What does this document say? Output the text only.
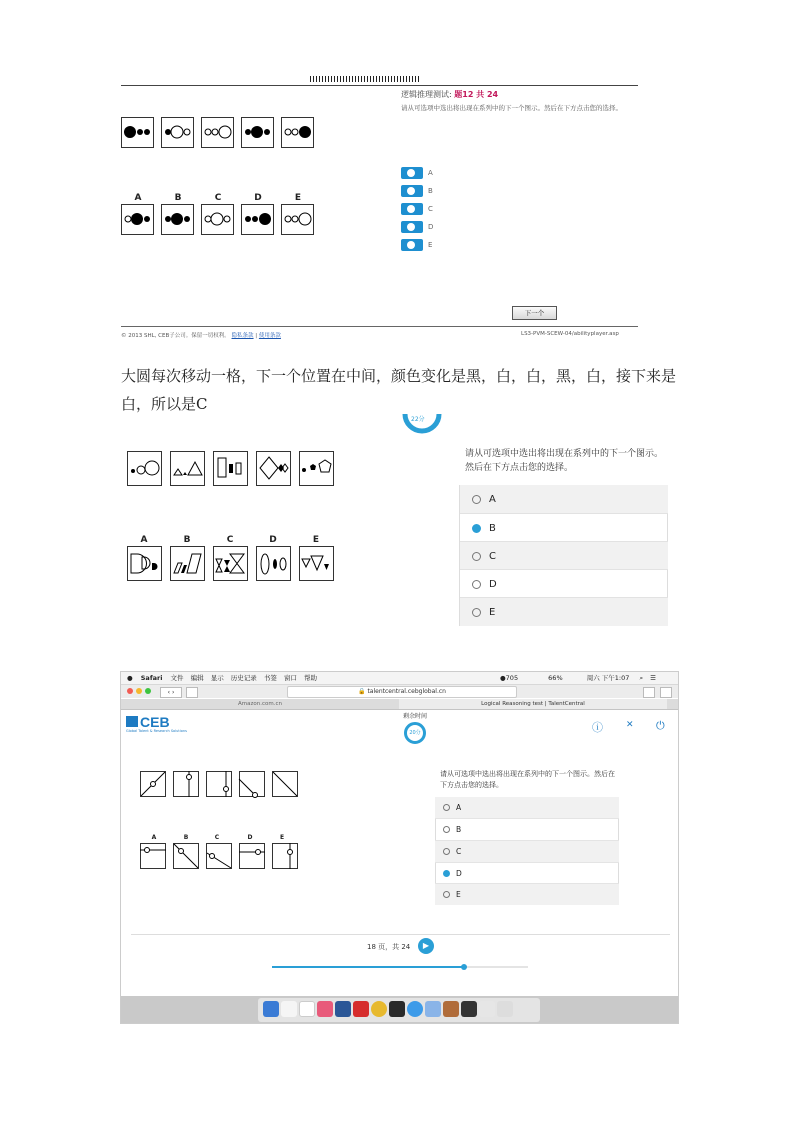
逻辑推理测试: 题12 共 24
请从可选项中选出将出现在系列中的下一个图示。然后在下方点击您的选择。
A	B	C	D	E
A
B
C
D
E
下一个
© 2013 SHL, CEB子公司。保留一切权利。 隐私条款 | 使用条款	LS3-PVM-SCEW-04/abilityplayer.asp
大圆每次移动一格，下一个位置在中间，颜色变化是黑，白，白，黑，白，接下来是白，所以是C
22分
A	B	C	D	E
请从可选项中选出将出现在系列中的下一个图示。然后在下方点击您的选择。
A
B
C
D
E
● Safari 文件 编辑 显示 历史记录 书签 窗口 帮助	●705	66%	周六 下午1:07 ⌕ ☰
‹ ›	🔒 talentcentral.cebglobal.cn
Amazon.com.cn	Logical Reasoning test | TalentCentral
CEB
Global Talent & Research Solutions
剩余时间
20分	ⓘ	✕ ⏻
A	B	C	D	E
请从可选项中选出将出现在系列中的下一个图示。然后在下方点击您的选择。
A
B
C
D
E
18 页，共 24	▶
